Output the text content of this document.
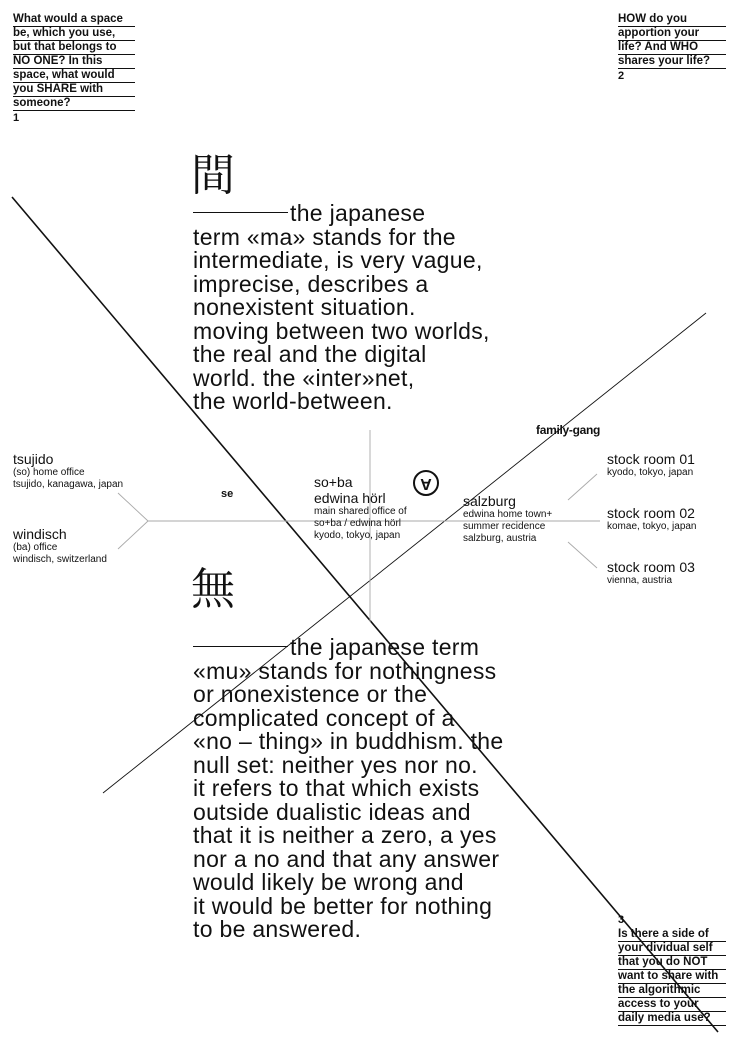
What would a space
be, which you use,
but that belongs to
NO ONE? In this
space, what would
you SHARE with
someone?
1
HOW do you
apportion your
life? And WHO
shares your life?
2
間
the japanese
term «ma» stands for the
intermediate, is very vague,
imprecise, describes a
nonexistent situation.
moving between two worlds,
the real and the digital
world. the «inter»net,
the world-between.
family-gang
se
tsujido
(so) home office
tsujido, kanagawa, japan
windisch
(ba) office
windisch, switzerland
so+ba
edwina hörl
main shared office of
so+ba / edwina hörl
kyodo, tokyo, japan
A
salzburg
edwina home town+
summer recidence
salzburg, austria
stock room 01
kyodo, tokyo, japan
stock room 02
komae, tokyo, japan
stock room 03
vienna, austria
無
the japanese term
«mu» stands for nothingness
or nonexistence or the
complicated concept of a
«no – thing» in buddhism. the
null set: neither yes nor no.
it refers to that which exists
outside dualistic ideas and
that it is neither a zero, a yes
nor a no and that any answer
would likely be wrong and
it would be better for nothing
to be answered.	3
Is there a side of
your dividual self
that you do NOT
want to share with
the algorithmic
access to your
daily media use?
